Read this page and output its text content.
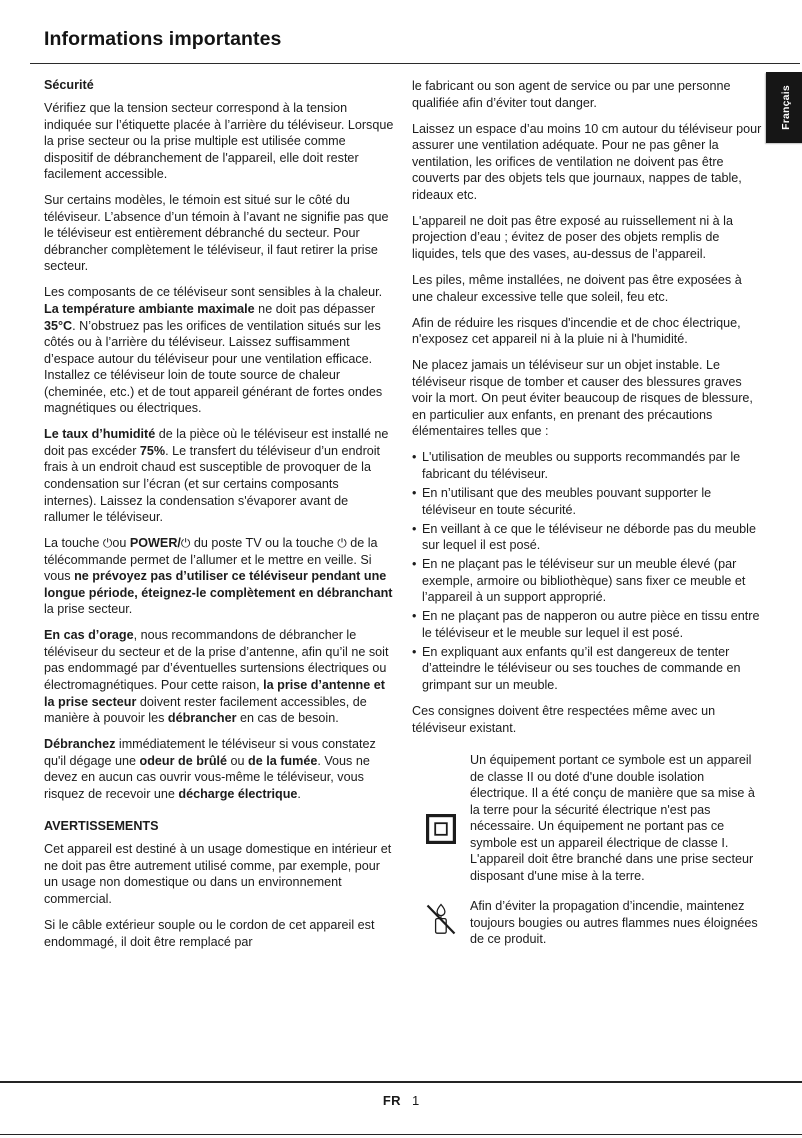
Informations importantes
Français
Sécurité

Vérifiez que la tension secteur correspond à la tension indiquée sur l’étiquette placée à l’arrière du téléviseur. Lorsque la prise secteur ou la prise multiple est utilisée comme dispositif de débranchement de l'appareil, elle doit rester facilement accessible.

Sur certains modèles, le témoin est situé sur le côté du téléviseur. L’absence d’un témoin à l’avant ne signifie pas que le téléviseur est entièrement débranché du secteur. Pour débrancher complètement le téléviseur, il faut retirer la prise secteur.

Les composants de ce téléviseur sont sensibles à la chaleur. La température ambiante maximale ne doit pas dépasser 35°C. N’obstruez pas les orifices de ventilation situés sur les côtés ou à l’arrière du téléviseur. Laissez suffisamment d’espace autour du téléviseur pour une ventilation efficace. Installez ce téléviseur loin de toute source de chaleur (cheminée, etc.) et de tout appareil générant de fortes ondes magnétiques ou électriques.

Le taux d’humidité de la pièce où le téléviseur est installé ne doit pas excéder 75%. Le transfert du téléviseur d’un endroit frais à un endroit chaud est susceptible de provoquer de la condensation sur l’écran (et sur certains composants internes). Laissez la condensation s'évaporer avant de rallumer le téléviseur.

La touche ⏻ou POWER/⏻ du poste TV ou la touche ⏻ de la télécommande permet de l’allumer et le mettre en veille. Si vous ne prévoyez pas d’utiliser ce téléviseur pendant une longue période, éteignez-le complètement en débranchant la prise secteur.

En cas d’orage, nous recommandons de débrancher le téléviseur du secteur et de la prise d’antenne, afin qu’il ne soit pas endommagé par d’éventuelles surtensions électriques ou électromagnétiques. Pour cette raison, la prise d’antenne et la prise secteur doivent rester facilement accessibles, de manière à pouvoir les débrancher en cas de besoin.

Débranchez immédiatement le téléviseur si vous constatez qu'il dégage une odeur de brûlé ou de la fumée. Vous ne devez en aucun cas ouvrir vous-même le téléviseur, vous risquez de recevoir une décharge électrique.

AVERTISSEMENTS

Cet appareil est destiné à un usage domestique en intérieur et ne doit pas être autrement utilisé comme, par exemple, pour un usage non domestique ou dans un environnement commercial.

Si le câble extérieur souple ou le cordon de cet appareil est endommagé, il doit être remplacé par

le fabricant ou son agent de service ou par une personne qualifiée afin d’éviter tout danger.

Laissez un espace d’au moins 10 cm autour du téléviseur pour assurer une ventilation adéquate. Pour ne pas gêner la ventilation, les orifices de ventilation ne doivent pas être couverts par des objets tels que journaux, nappes de table, rideaux etc.

L'appareil ne doit pas être exposé au ruissellement ni à la projection d’eau ; évitez de poser des objets remplis de liquides, tels que des vases, au-dessus de l’appareil.

Les piles, même installées, ne doivent pas être exposées à une chaleur excessive telle que soleil, feu etc.

Afin de réduire les risques d'incendie et de choc électrique, n'exposez cet appareil ni à la pluie ni à l'humidité.

Ne placez jamais un téléviseur sur un objet instable. Le téléviseur risque de tomber et causer des blessures graves voir la mort. On peut éviter beaucoup de risques de blessure, en particulier aux enfants, en prenant des précautions élémentaires telles que :

• L'utilisation de meubles ou supports recommandés par le fabricant du téléviseur.
• En n’utilisant que des meubles pouvant supporter le téléviseur en toute sécurité.
• En veillant à ce que le téléviseur ne déborde pas du meuble sur lequel il est posé.
• En ne plaçant pas le téléviseur sur un meuble élevé (par exemple, armoire ou bibliothèque) sans fixer ce meuble et l’appareil à un support approprié.
• En ne plaçant pas de napperon ou autre pièce en tissu entre le téléviseur et le meuble sur lequel il est posé.
• En expliquant aux enfants qu’il est dangereux de tenter d’atteindre le téléviseur ou ses touches de commande en grimpant sur un meuble.

Ces consignes doivent être respectées même avec un téléviseur existant.

Un équipement portant ce symbole est un appareil de classe II ou doté d'une double isolation électrique. Il a été conçu de manière que sa mise à la terre pour la sécurité électrique n'est pas nécessaire. Un équipement ne portant pas ce symbole est un appareil électrique de classe I. L'appareil doit être branché dans une prise secteur disposant d'une mise à la terre.
Afin d’éviter la propagation d’incendie, maintenez toujours bougies ou autres flammes nues éloignées de ce produit.
FR 1
